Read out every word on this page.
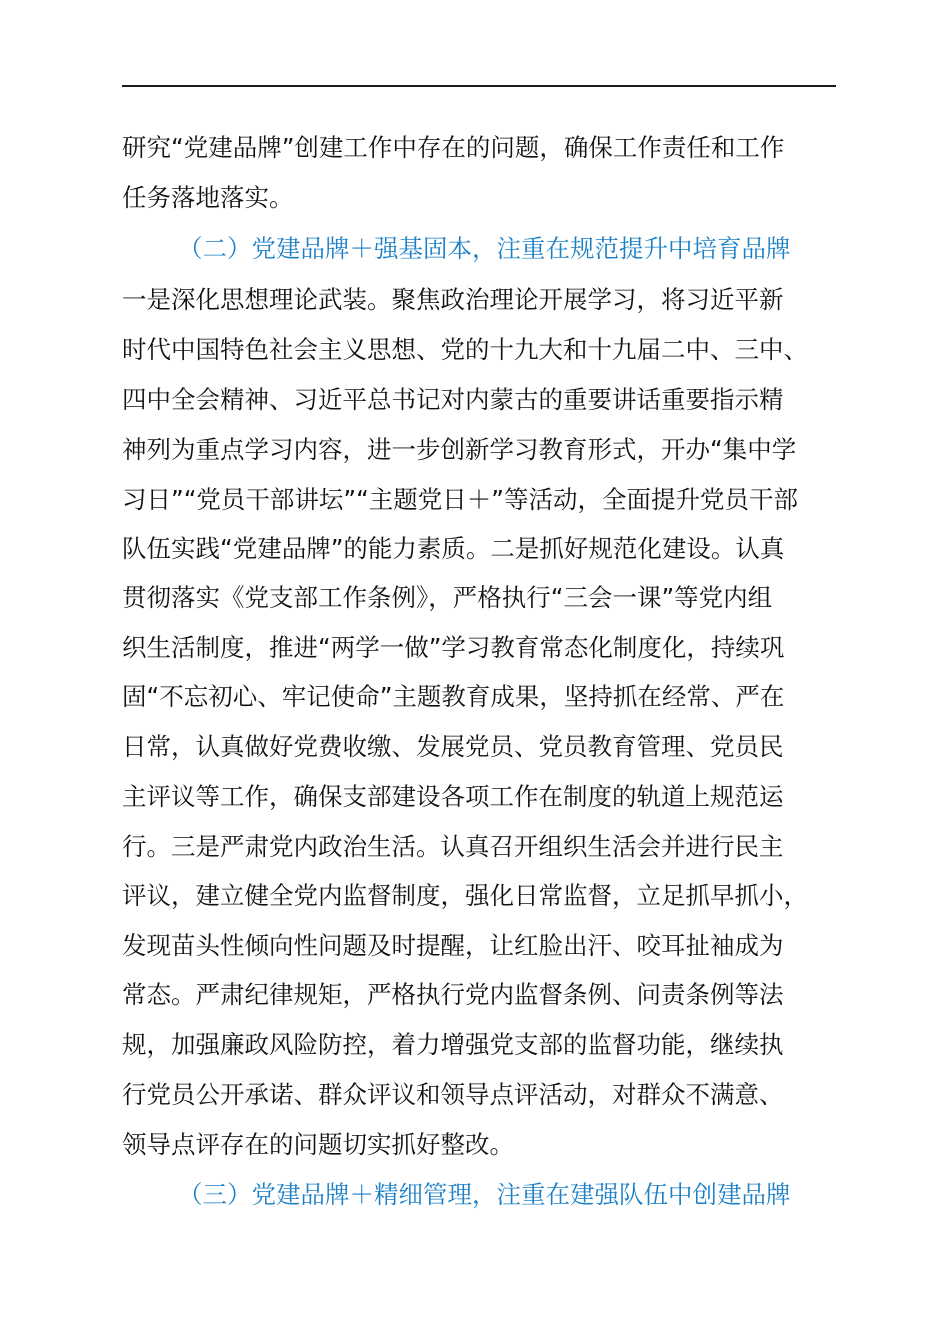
研究“党建品牌”创建工作中存在的问题，确保工作责任和工作
任务落地落实。
（二）党建品牌＋强基固本，注重在规范提升中培育品牌
一是深化思想理论武装。聚焦政治理论开展学习，将习近平新
时代中国特色社会主义思想、党的十九大和十九届二中、三中、
四中全会精神、习近平总书记对内蒙古的重要讲话重要指示精
神列为重点学习内容，进一步创新学习教育形式，开办“集中学
习日”“党员干部讲坛”“主题党日＋”等活动，全面提升党员干部
队伍实践“党建品牌”的能力素质。二是抓好规范化建设。认真
贯彻落实《党支部工作条例》，严格执行“三会一课”等党内组
织生活制度，推进“两学一做”学习教育常态化制度化，持续巩
固“不忘初心、牢记使命”主题教育成果，坚持抓在经常、严在
日常，认真做好党费收缴、发展党员、党员教育管理、党员民
主评议等工作，确保支部建设各项工作在制度的轨道上规范运
行。三是严肃党内政治生活。认真召开组织生活会并进行民主
评议，建立健全党内监督制度，强化日常监督，立足抓早抓小，
发现苗头性倾向性问题及时提醒，让红脸出汗、咬耳扯袖成为
常态。严肃纪律规矩，严格执行党内监督条例、问责条例等法
规，加强廉政风险防控，着力增强党支部的监督功能，继续执
行党员公开承诺、群众评议和领导点评活动，对群众不满意、
领导点评存在的问题切实抓好整改。
（三）党建品牌＋精细管理，注重在建强队伍中创建品牌
